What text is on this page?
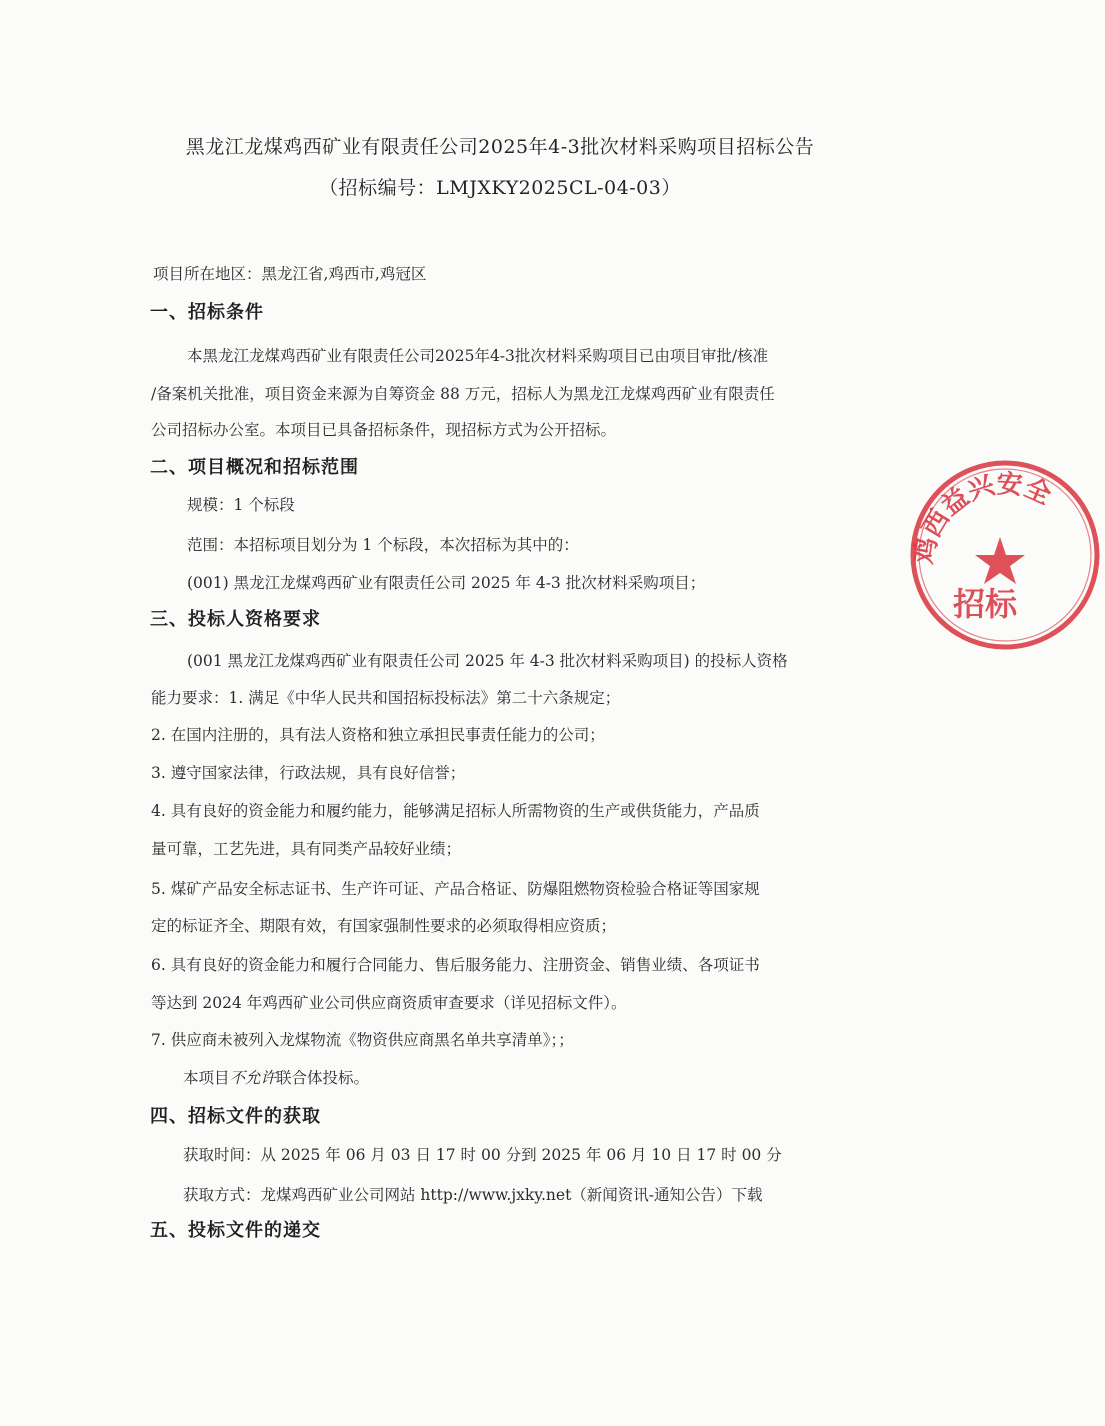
黑龙江龙煤鸡西矿业有限责任公司2025年4-3批次材料采购项目招标公告
（招标编号：LMJXKY2025CL-04-03）
项目所在地区：黑龙江省,鸡西市,鸡冠区
一、招标条件
本黑龙江龙煤鸡西矿业有限责任公司2025年4-3批次材料采购项目已由项目审批/核准
/备案机关批准，项目资金来源为自筹资金 88 万元，招标人为黑龙江龙煤鸡西矿业有限责任
公司招标办公室。本项目已具备招标条件，现招标方式为公开招标。
二、项目概况和招标范围
规模：1 个标段
范围：本招标项目划分为 1 个标段，本次招标为其中的：
(001) 黑龙江龙煤鸡西矿业有限责任公司 2025 年 4-3 批次材料采购项目；
三、投标人资格要求
(001 黑龙江龙煤鸡西矿业有限责任公司 2025 年 4-3 批次材料采购项目) 的投标人资格
能力要求：1. 满足《中华人民共和国招标投标法》第二十六条规定；
2. 在国内注册的，具有法人资格和独立承担民事责任能力的公司；
3. 遵守国家法律，行政法规，具有良好信誉；
4. 具有良好的资金能力和履约能力，能够满足招标人所需物资的生产或供货能力，产品质
量可靠，工艺先进，具有同类产品较好业绩；
5. 煤矿产品安全标志证书、生产许可证、产品合格证、防爆阻燃物资检验合格证等国家规
定的标证齐全、期限有效，有国家强制性要求的必须取得相应资质；
6. 具有良好的资金能力和履行合同能力、售后服务能力、注册资金、销售业绩、各项证书
等达到 2024 年鸡西矿业公司供应商资质审查要求（详见招标文件）。
7. 供应商未被列入龙煤物流《物资供应商黑名单共享清单》；；
本项目不允许联合体投标。
四、招标文件的获取
获取时间：从 2025 年 06 月 03 日 17 时 00 分到 2025 年 06 月 10 日 17 时 00 分
获取方式：龙煤鸡西矿业公司网站 http://www.jxky.net（新闻资讯-通知公告）下载
五、投标文件的递交
鸡西益兴安全
招标
